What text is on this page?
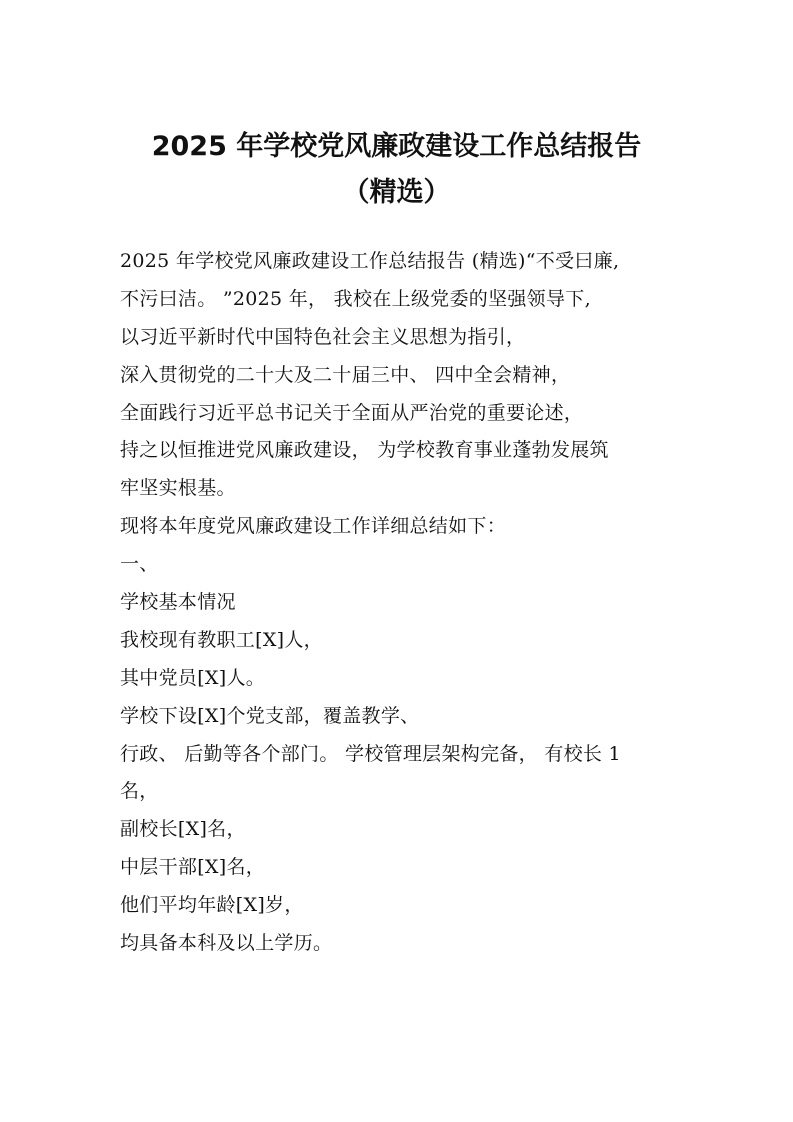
2025 年学校党风廉政建设工作总结报告
（精选）
2025 年学校党风廉政建设工作总结报告 (精选)“不受曰廉,
不污曰洁。 ”2025 年， 我校在上级党委的坚强领导下,
以习近平新时代中国特色社会主义思想为指引，
深入贯彻党的二十大及二十届三中、 四中全会精神，
全面践行习近平总书记关于全面从严治党的重要论述，
持之以恒推进党风廉政建设， 为学校教育事业蓬勃发展筑
牢坚实根基。
现将本年度党风廉政建设工作详细总结如下：
一、
学校基本情况
我校现有教职工[X]人，
其中党员[X]人。
学校下设[X]个党支部，覆盖教学、
行政、 后勤等各个部门。 学校管理层架构完备， 有校长 1
名，
副校长[X]名，
中层干部[X]名，
他们平均年龄[X]岁，
均具备本科及以上学历。
